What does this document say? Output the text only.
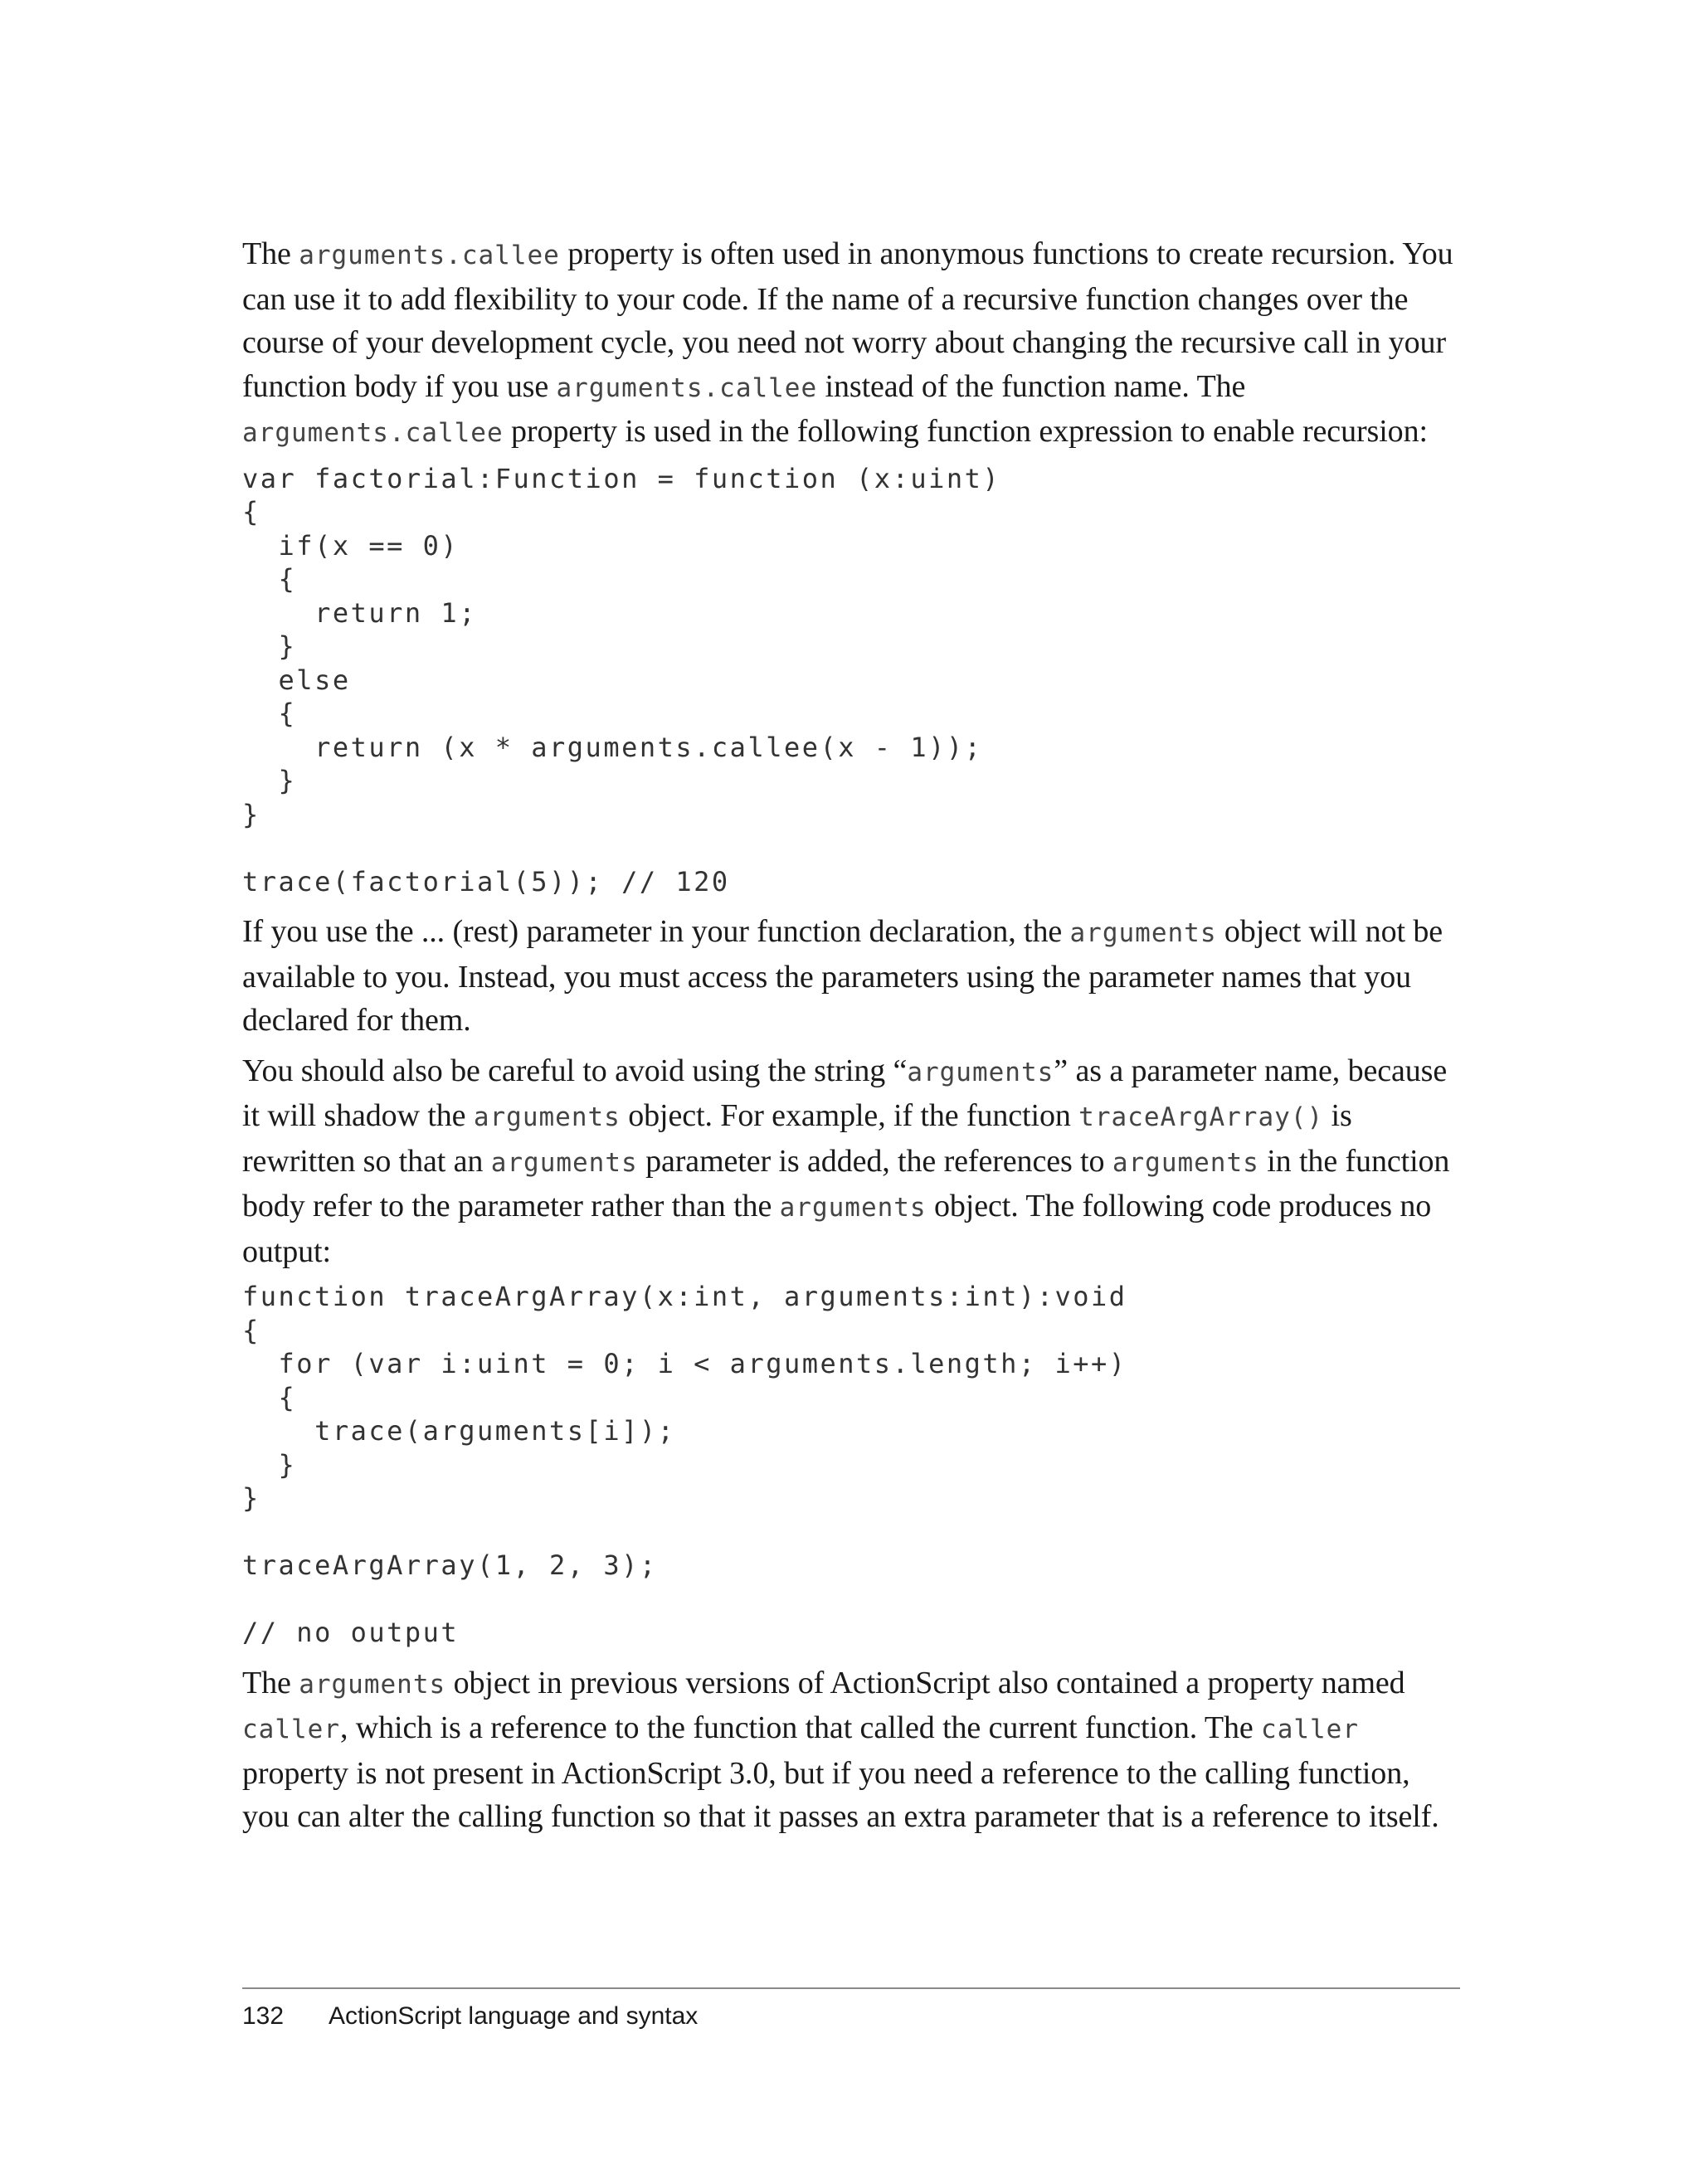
The arguments.callee property is often used in anonymous functions to create recursion. You can use it to add flexibility to your code. If the name of a recursive function changes over the course of your development cycle, you need not worry about changing the recursive call in your function body if you use arguments.callee instead of the function name. The arguments.callee property is used in the following function expression to enable recursion:

var factorial:Function = function (x:uint)
{
if(x == 0)
{
return 1;
}
else
{
return (x * arguments.callee(x - 1));
}
}
trace(factorial(5)); // 120

If you use the ... (rest) parameter in your function declaration, the arguments object will not be available to you. Instead, you must access the parameters using the parameter names that you declared for them.

You should also be careful to avoid using the string “arguments” as a parameter name, because it will shadow the arguments object. For example, if the function traceArgArray() is rewritten so that an arguments parameter is added, the references to arguments in the function body refer to the parameter rather than the arguments object. The following code produces no output:

function traceArgArray(x:int, arguments:int):void
{
for (var i:uint = 0; i < arguments.length; i++)
{
trace(arguments[i]);
}
}
traceArgArray(1, 2, 3);
// no output

The arguments object in previous versions of ActionScript also contained a property named caller, which is a reference to the function that called the current function. The caller property is not present in ActionScript 3.0, but if you need a reference to the calling function, you can alter the calling function so that it passes an extra parameter that is a reference to itself.

132	ActionScript language and syntax
